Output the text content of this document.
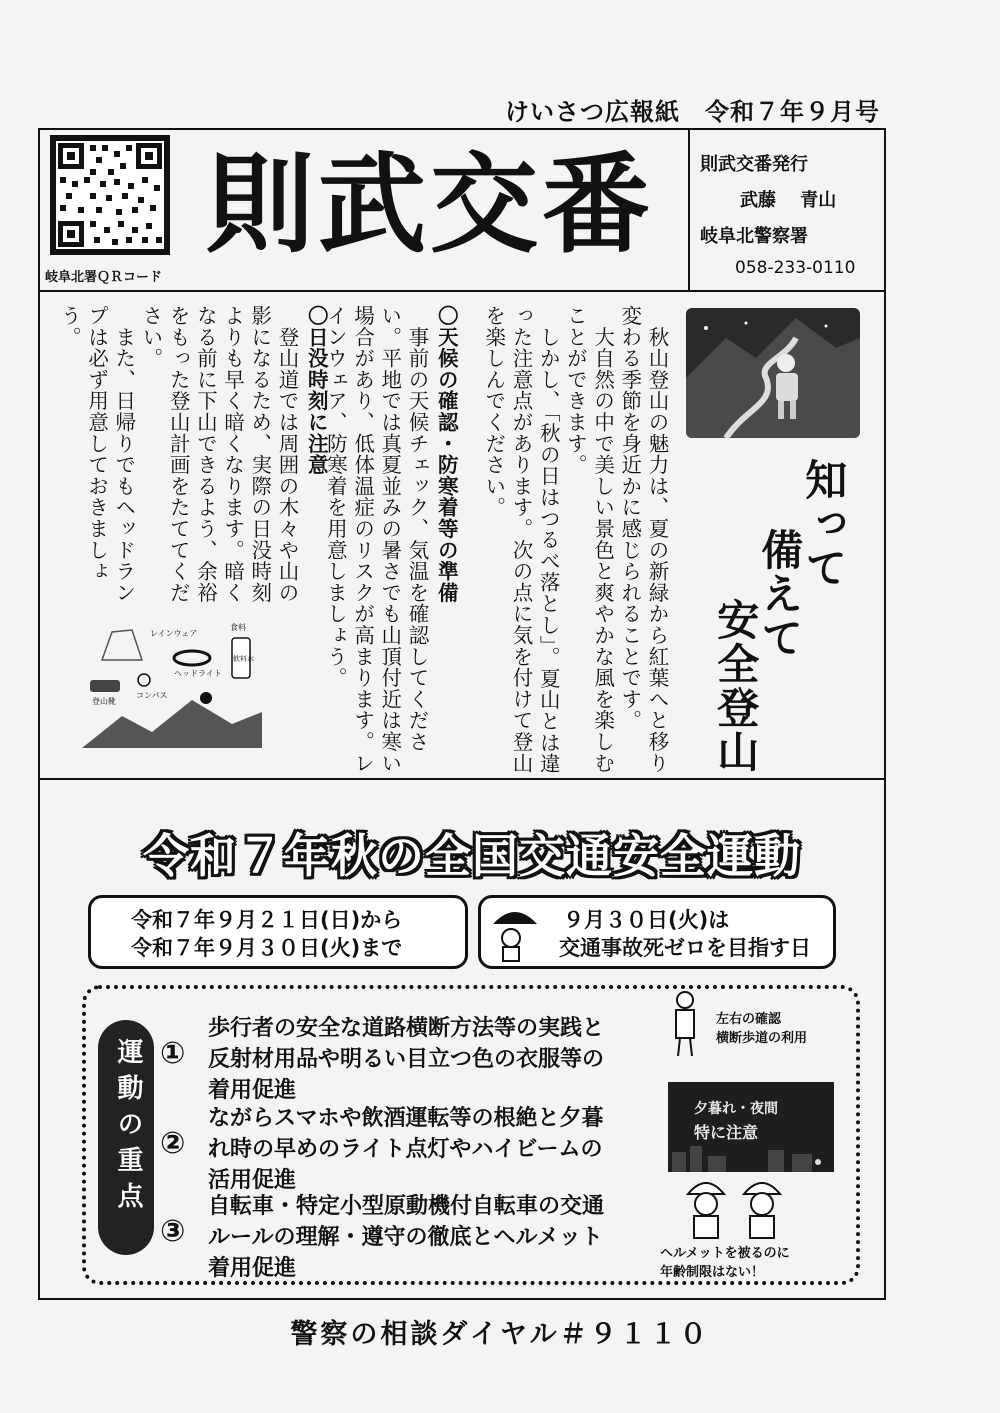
けいさつ広報紙　令和７年９月号
岐阜北署ＱＲコード
則武交番	則武交番発行
武藤　 青山
岐阜北警察署
058-233-0110
知って
備えて
安全登山
　秋山登山の魅力は、夏の新緑から紅葉へと移り変わる季節を身近かに感じられることです。
　大自然の中で美しい景色と爽やかな風を楽しむことができます。
　しかし、「秋の日はつるべ落とし」。夏山とは違った注意点があります。次の点に気を付けて登山を楽しんでください。
〇天候の確認・防寒着等の準備
　事前の天候チェック、気温を確認してください。平地では真夏並みの暑さでも山頂付近は寒い場合があり、低体温症のリスクが高まります。レインウェア、防寒着を用意しましょう。
〇日没時刻に注意
　登山道では周囲の木々や山の影になるため、実際の日没時刻よりも早く暗くなります。暗くなる前に下山できるよう、余裕をもった登山計画をたててください。
　また、日帰りでもヘッドランプは必ず用意しておきましょう。
レインウェア
ヘッドライト
食料
飲料水
登山靴
コンパス
令和７年秋の全国交通安全運動
令和７年９月２１日(日)から
令和７年９月３０日(火)まで
９月３０日(火)は
交通事故死ゼロを目指す日
運動の重点 ①
歩行者の安全な道路横断方法等の実践と
反射材用品や明るい目立つ色の衣服等の
着用促進
②
ながらスマホや飲酒運転等の根絶と夕暮
れ時の早めのライト点灯やハイビームの
活用促進
③
自転車・特定小型原動機付自転車の交通
ルールの理解・遵守の徹底とヘルメット
着用促進
左右の確認
横断歩道の利用
夕暮れ・夜間
特に注意
ヘルメットを被るのに
年齢制限はない！
警察の相談ダイヤル＃９１１０
